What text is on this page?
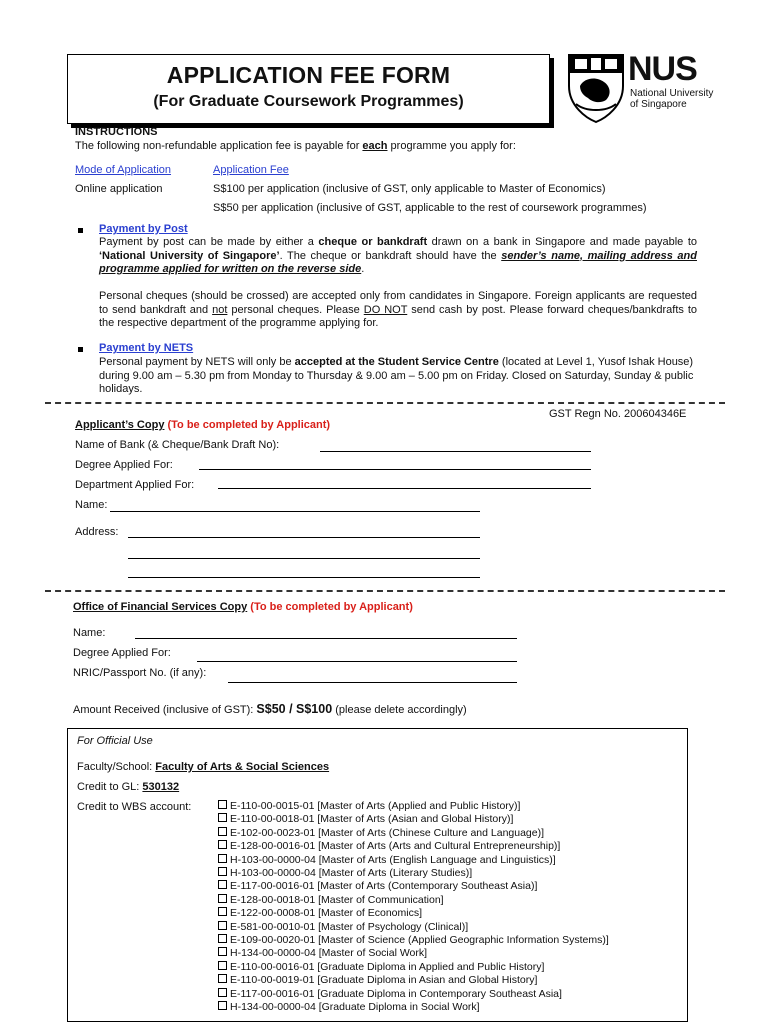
APPLICATION FEE FORM
(For Graduate Coursework Programmes)
NUS
National University
of Singapore
INSTRUCTIONS
The following non-refundable application fee is payable for each programme you apply for:
Mode of Application	Application Fee
Online application	S$100 per application (inclusive of GST, only applicable to Master of Economics)
S$50 per application (inclusive of GST, applicable to the rest of coursework programmes)
Payment by Post
Payment by post can be made by either a cheque or bankdraft drawn on a bank in Singapore and made payable to ‘National University of Singapore’. The cheque or bankdraft should have the sender’s name, mailing address and programme applied for written on the reverse side.
Personal cheques (should be crossed) are accepted only from candidates in Singapore. Foreign applicants are requested to send bankdraft and not personal cheques. Please DO NOT send cash by post. Please forward cheques/bankdrafts to the respective department of the programme applying for.
Payment by NETS
Personal payment by NETS will only be accepted at the Student Service Centre (located at Level 1, Yusof Ishak House) during 9.00 am – 5.30 pm from Monday to Thursday & 9.00 am – 5.00 pm on Friday. Closed on Saturday, Sunday & public holidays.
GST Regn No. 200604346E
Applicant’s Copy (To be completed by Applicant)
Name of Bank (& Cheque/Bank Draft No):
Degree Applied For:
Department Applied For:
Name:
Address:
Office of Financial Services Copy (To be completed by Applicant)
Name:
Degree Applied For:
NRIC/Passport No. (if any):
Amount Received (inclusive of GST): S$50 / S$100 (please delete accordingly)
For Official Use
Faculty/School: Faculty of Arts & Social Sciences
Credit to GL: 530132
Credit to WBS account:	E-110-00-0015-01 [Master of Arts (Applied and Public History)]
E-110-00-0018-01 [Master of Arts (Asian and Global History)]
E-102-00-0023-01 [Master of Arts (Chinese Culture and Language)]
E-128-00-0016-01 [Master of Arts (Arts and Cultural Entrepreneurship)]
H-103-00-0000-04 [Master of Arts (English Language and Linguistics)]
H-103-00-0000-04 [Master of Arts (Literary Studies)]
E-117-00-0016-01 [Master of Arts (Contemporary Southeast Asia)]
E-128-00-0018-01 [Master of Communication]
E-122-00-0008-01 [Master of Economics]
E-581-00-0010-01 [Master of Psychology (Clinical)]
E-109-00-0020-01 [Master of Science (Applied Geographic Information Systems)]
H-134-00-0000-04 [Master of Social Work]
E-110-00-0016-01 [Graduate Diploma in Applied and Public History]
E-110-00-0019-01 [Graduate Diploma in Asian and Global History]
E-117-00-0016-01 [Graduate Diploma in Contemporary Southeast Asia]
H-134-00-0000-04 [Graduate Diploma in Social Work]
